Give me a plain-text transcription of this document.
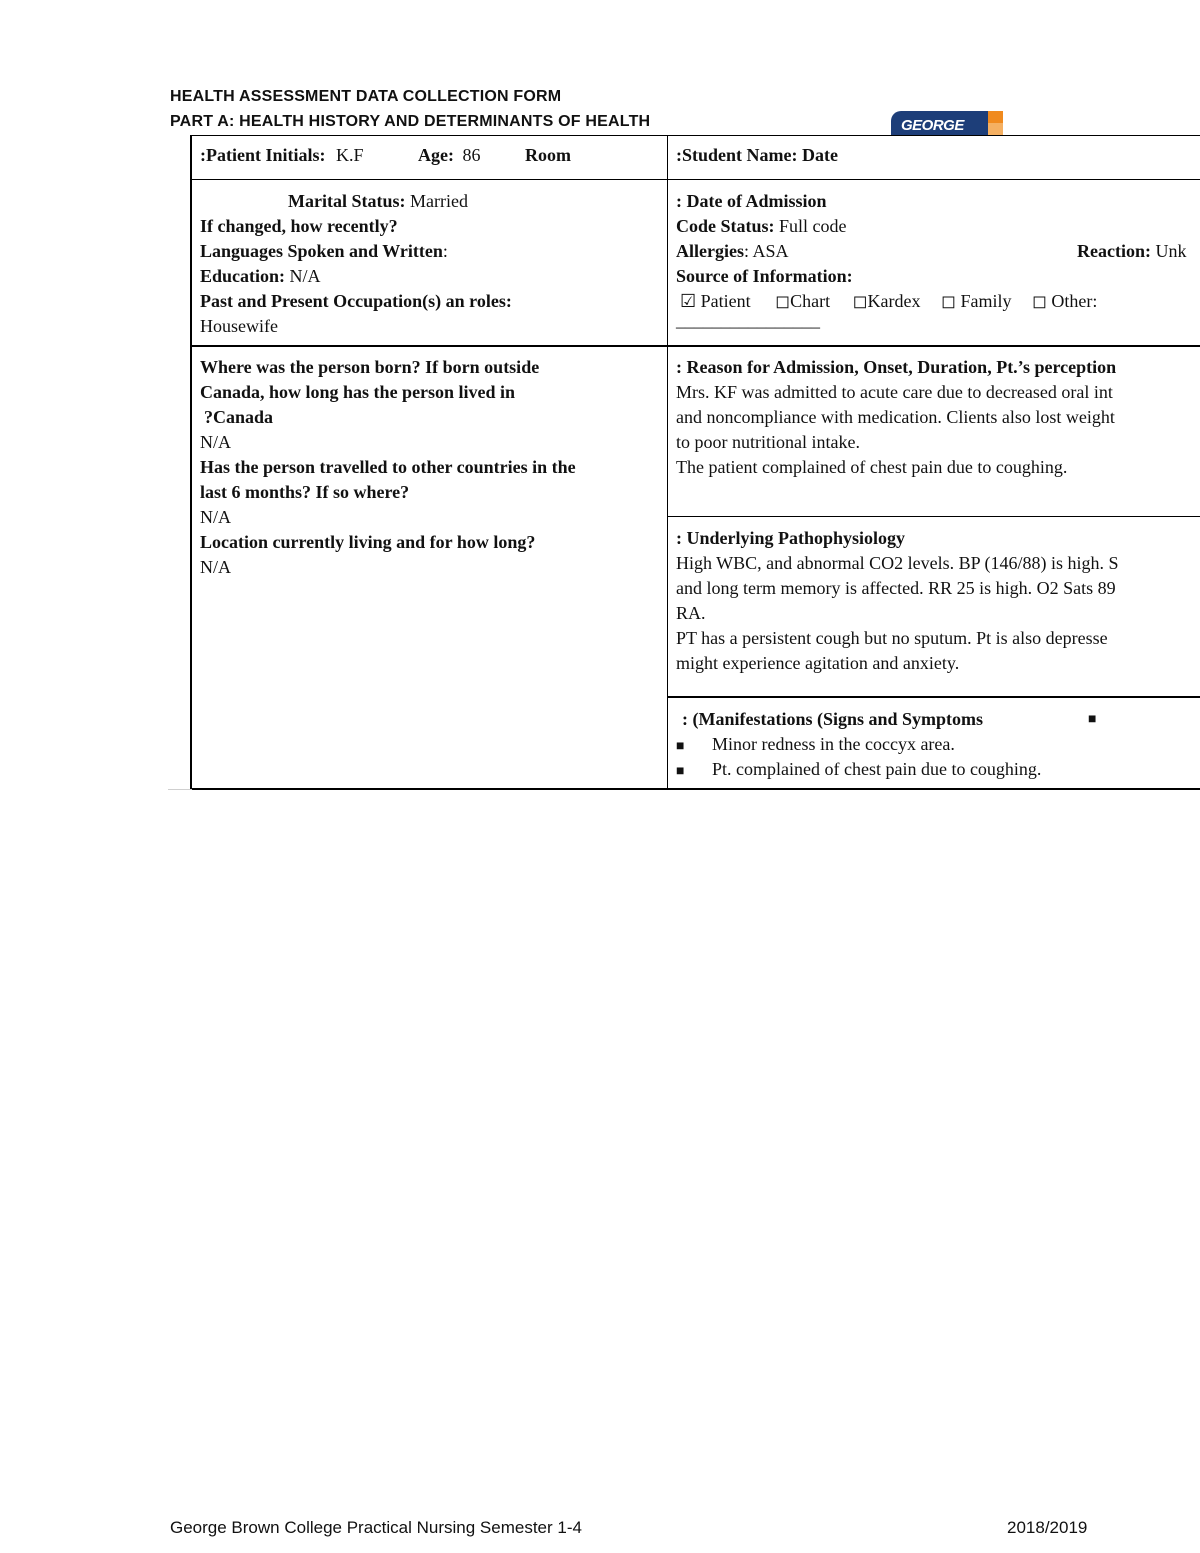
HEALTH ASSESSMENT DATA COLLECTION FORM
PART A: HEALTH HISTORY AND DETERMINANTS OF HEALTH	GEORGE
:Patient Initials: K.F	Age: 86 Room	:Student Name: Date
Marital Status: Married
If changed, how recently?
Languages Spoken and Written:
Education: N/A
Past and Present Occupation(s) an roles:
Housewife
: Date of Admission
Code Status: Full code
Allergies: ASA	Reaction: Unk
Source of Information:
☑ Patient ◻Chart ◻Kardex ◻ Family ◻ Other:
________________
Where was the person born? If born outside
Canada, how long has the person lived in
?Canada
N/A
Has the person travelled to other countries in the
last 6 months? If so where?
N/A
Location currently living and for how long?
N/A
: Reason for Admission, Onset, Duration, Pt.’s perception
Mrs. KF was admitted to acute care due to decreased oral int
and noncompliance with medication. Clients also lost weight
to poor nutritional intake.
The patient complained of chest pain due to coughing.
: Underlying Pathophysiology
High WBC, and abnormal CO2 levels. BP (146/88) is high. S
and long term memory is affected. RR 25 is high. O2 Sats 89
RA.
PT has a persistent cough but no sputum. Pt is also depresse
might experience agitation and anxiety.
: (Manifestations (Signs and Symptoms	■
■ Minor redness in the coccyx area.
■ Pt. complained of chest pain due to coughing.
George Brown College Practical Nursing Semester 1-4	2018/2019
